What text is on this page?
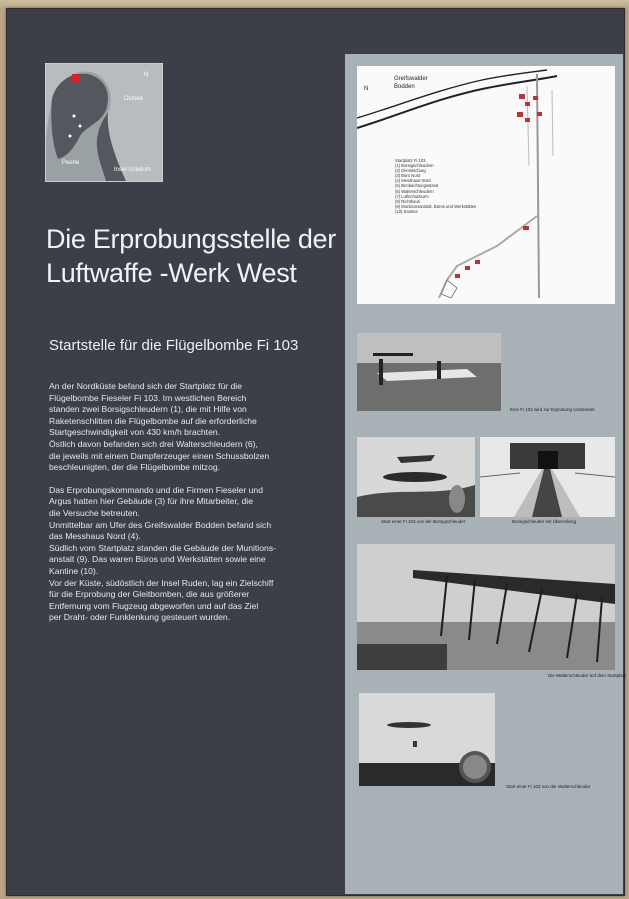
N
Ostsee
Peene
Insel Usedom
Die Erprobungsstelle der
Luftwaffe -Werk West
Startstelle für die Flügelbombe Fi 103

An der Nordküste befand sich der Startplatz für die

Flügelbombe Fieseler Fi 103. Im westlichen Bereich

standen zwei Borsigschleudern (1), die mit Hilfe von

Raketenschlitten die Flügelbombe auf die erforderliche

Startgeschwindigkeit von 430 km/h brachten.

Östlich davon befanden sich drei Walterschleudern (6),

die jeweils mit einem Dampferzeuger einen Schussbolzen

beschleunigten, der die Flügelbombe mitzog.

Das Erprobungskommando und die Firmen Fieseler und

Argus hatten hier Gebäude (3) für ihre Mitarbeiter, die

die Versuche betreuten.

Unmittelbar am Ufer des Greifswalder Bodden befand sich

das Messhaus Nord (4).

Südlich vom Startplatz standen die Gebäude der Munitions-

anstalt (9). Das waren Büros und Werkstätten sowie eine

Kantine (10).

Vor der Küste, südöstlich der Insel Ruden, lag ein Zielschiff

für die Erprobung der Gleitbomben, die aus größerer

Entfernung vom Flugzeug abgeworfen und auf das Ziel

per Draht- oder Funklenkung gesteuert wurden.

N
Greifswalder
Bodden
Startplatz Fi 103
(1) Borsigschleudern
(2) Dienstschurg
(3) Büro Nord
(4) Messhaus Nord
(5) Beobachtungsstand
(6) Walterschleudern
(7) Luftschutzturm
(8) Richthaus
(9) Munitionsanstalt, Büros und Werkstätten
(10) Kantine
Eine Fi 103 wird zur Erprobung vorbereitet
Start einer Fi 103 von der Borsigschleuder	Borsigschleuder mit Überrollung
Die Walterschleuder auf dem Startplatz
Start einer Fi 103 von der Walterschleuder
